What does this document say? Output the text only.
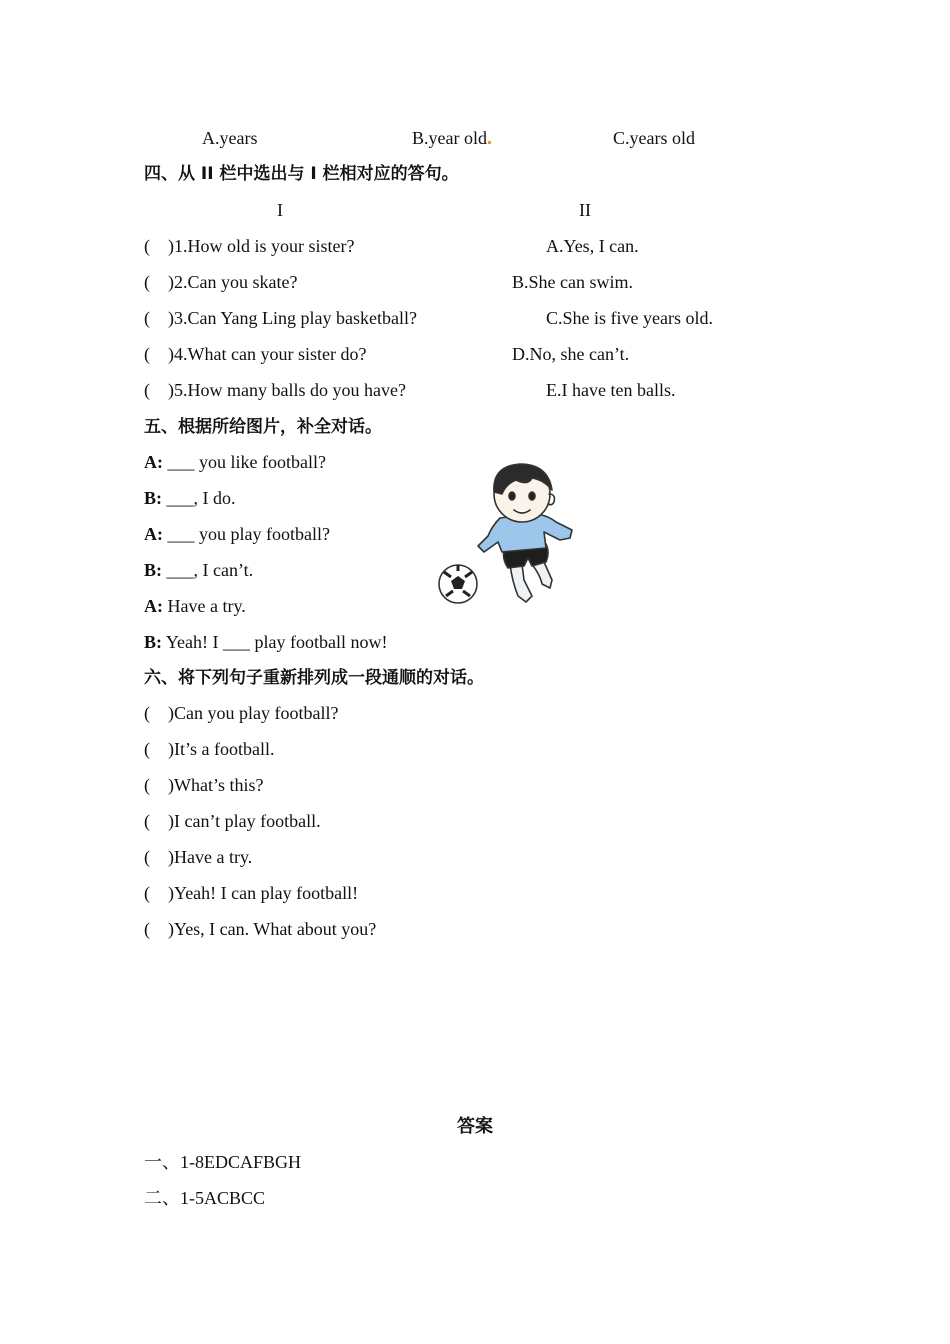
A.years	B.year old	C.years old
四、从 II 栏中选出与 I 栏相对应的答句。
I	II
( )1.How old is your sister?	A.Yes, I can.
( )2.Can you skate?	B.She can swim.
( )3.Can Yang Ling play basketball?	C.She is five years old.
( )4.What can your sister do?	D.No, she can’t.
( )5.How many balls do you have?	E.I have ten balls.
五、根据所给图片，补全对话。
A: ___ you like football?
B: ___, I do.
A: ___ you play football?
B: ___, I can’t.
A: Have a try.
B: Yeah! I ___ play football now!
六、将下列句子重新排列成一段通顺的对话。
( )Can you play football?
( )It’s a football.
( )What’s this?
( )I can’t play football.
( )Have a try.
( )Yeah! I can play football!
( )Yes, I can. What about you?
答案
一、1-8EDCAFBGH
二、1-5ACBCC
